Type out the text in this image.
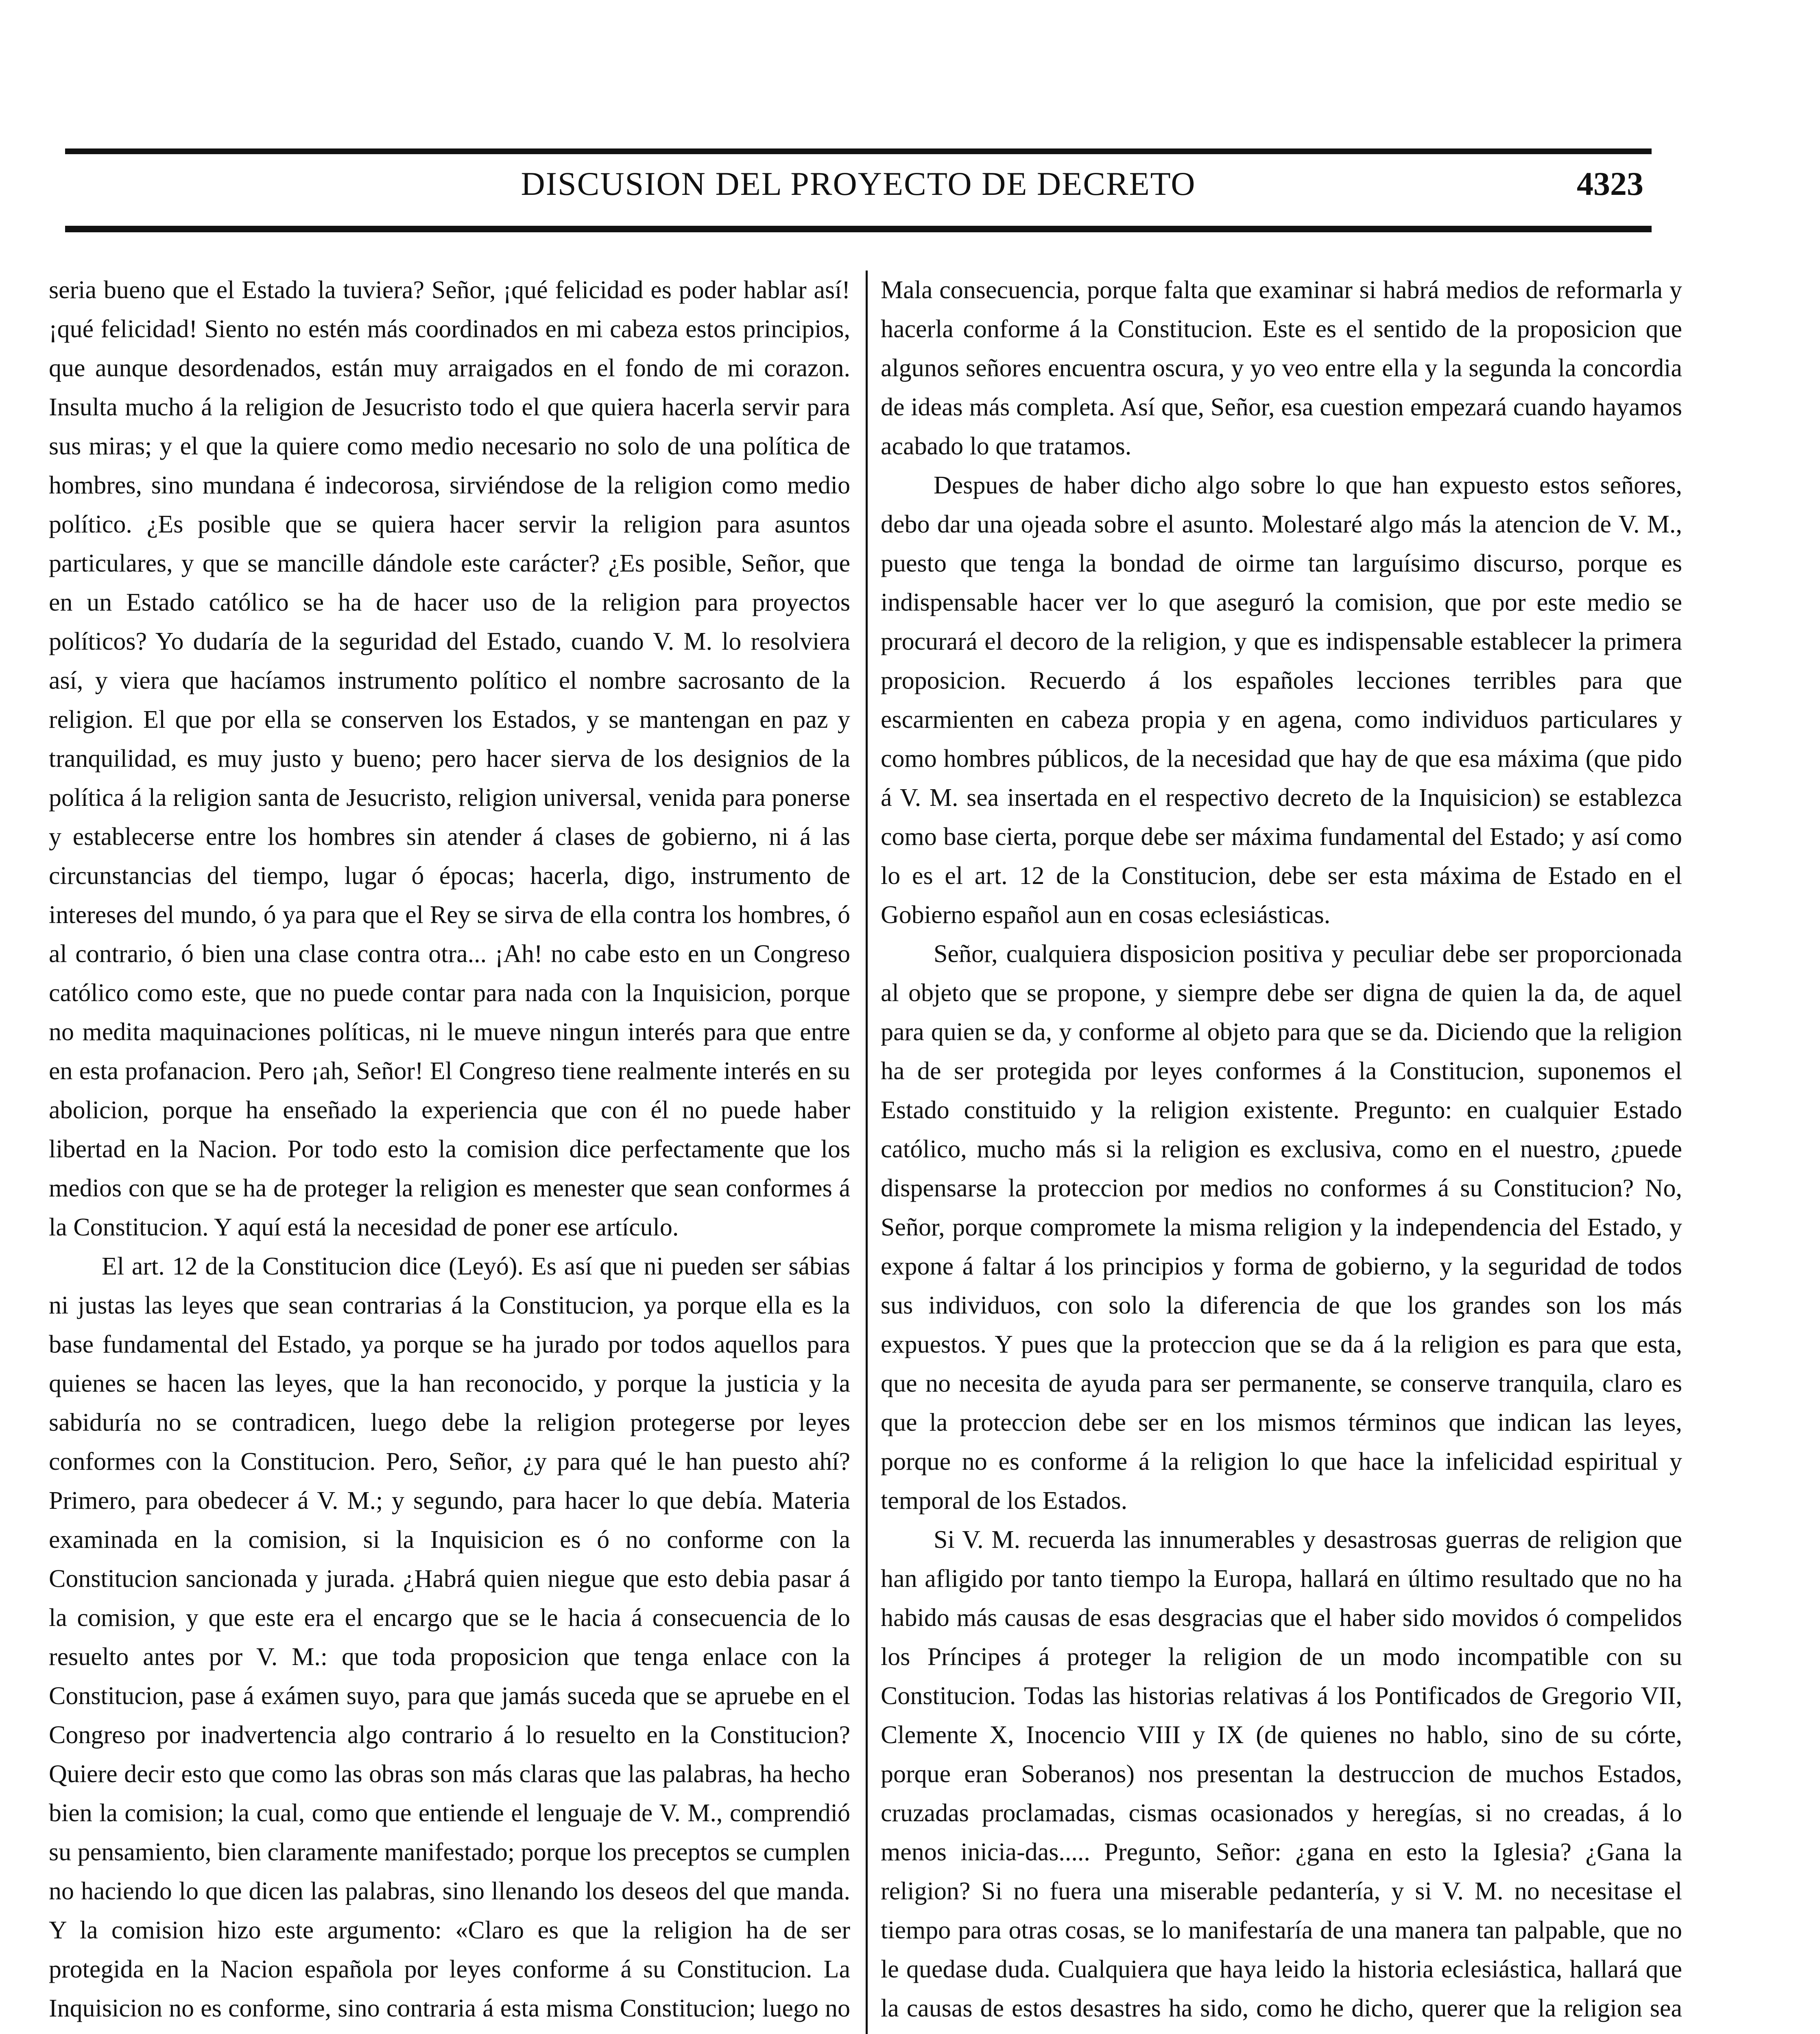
DISCUSION DEL PROYECTO DE DECRETO	4323

seria bueno que el Estado la tuviera? Señor, ¡qué felicidad es poder hablar así! ¡qué felicidad! Siento no estén más coordinados en mi cabeza estos principios, que aunque desordenados, están muy arraigados en el fondo de mi corazon. Insulta mucho á la religion de Jesucristo todo el que quiera hacerla servir para sus miras; y el que la quiere como medio necesario no solo de una política de hombres, sino mundana é indecorosa, sirviéndose de la religion como medio político. ¿Es posible que se quiera hacer servir la religion para asuntos particulares, y que se mancille dándole este carácter? ¿Es posible, Señor, que en un Estado católico se ha de hacer uso de la religion para proyectos políticos? Yo dudaría de la seguridad del Estado, cuando V. M. lo resolviera así, y viera que hacíamos instrumento político el nombre sacrosanto de la religion. El que por ella se conserven los Estados, y se mantengan en paz y tranquilidad, es muy justo y bueno; pero hacer sierva de los designios de la política á la religion santa de Jesucristo, religion universal, venida para ponerse y establecerse entre los hombres sin atender á clases de gobierno, ni á las circunstancias del tiempo, lugar ó épocas; hacerla, digo, instrumento de intereses del mundo, ó ya para que el Rey se sirva de ella contra los hombres, ó al contrario, ó bien una clase contra otra... ¡Ah! no cabe esto en un Congreso católico como este, que no puede contar para nada con la Inquisicion, porque no medita maquinaciones políticas, ni le mueve ningun interés para que entre en esta profanacion. Pero ¡ah, Señor! El Congreso tiene realmente interés en su abolicion, porque ha enseñado la experiencia que con él no puede haber libertad en la Nacion. Por todo esto la comision dice perfectamente que los medios con que se ha de proteger la religion es menester que sean conformes á la Constitucion. Y aquí está la necesidad de poner ese artículo.

El art. 12 de la Constitucion dice (Leyó). Es así que ni pueden ser sábias ni justas las leyes que sean contrarias á la Constitucion, ya porque ella es la base fundamental del Estado, ya porque se ha jurado por todos aquellos para quienes se hacen las leyes, que la han reconocido, y porque la justicia y la sabiduría no se contradicen, luego debe la religion protegerse por leyes conformes con la Constitucion. Pero, Señor, ¿y para qué le han puesto ahí? Primero, para obedecer á V. M.; y segundo, para hacer lo que debía. Materia examinada en la comision, si la Inquisicion es ó no conforme con la Constitucion sancionada y jurada. ¿Habrá quien niegue que esto debia pasar á la comision, y que este era el encargo que se le hacia á consecuencia de lo resuelto antes por V. M.: que toda proposicion que tenga enlace con la Constitucion, pase á exámen suyo, para que jamás suceda que se apruebe en el Congreso por inadvertencia algo contrario á lo resuelto en la Constitucion? Quiere decir esto que como las obras son más claras que las palabras, ha hecho bien la comision; la cual, como que entiende el lenguaje de V. M., comprendió su pensamiento, bien claramente manifestado; porque los preceptos se cumplen no haciendo lo que dicen las palabras, sino llenando los deseos del que manda. Y la comision hizo este argumento: «Claro es que la religion ha de ser protegida en la Nacion española por leyes conforme á su Constitucion. La Inquisicion no es conforme, sino contraria á esta misma Constitucion; luego no

Mala consecuencia, porque falta que examinar si habrá medios de reformarla y hacerla conforme á la Constitucion. Este es el sentido de la proposicion que algunos señores encuentra oscura, y yo veo entre ella y la segunda la concordia de ideas más completa. Así que, Señor, esa cuestion empezará cuando hayamos acabado lo que tratamos.

Despues de haber dicho algo sobre lo que han expuesto estos señores, debo dar una ojeada sobre el asunto. Molestaré algo más la atencion de V. M., puesto que tenga la bondad de oirme tan larguísimo discurso, porque es indispensable hacer ver lo que aseguró la comision, que por este medio se procurará el decoro de la religion, y que es indispensable establecer la primera proposicion. Recuerdo á los españoles lecciones terribles para que escarmienten en cabeza propia y en agena, como individuos particulares y como hombres públicos, de la necesidad que hay de que esa máxima (que pido á V. M. sea insertada en el respectivo decreto de la Inquisicion) se establezca como base cierta, porque debe ser máxima fundamental del Estado; y así como lo es el art. 12 de la Constitucion, debe ser esta máxima de Estado en el Gobierno español aun en cosas eclesiásticas.

Señor, cualquiera disposicion positiva y peculiar debe ser proporcionada al objeto que se propone, y siempre debe ser digna de quien la da, de aquel para quien se da, y conforme al objeto para que se da. Diciendo que la religion ha de ser protegida por leyes conformes á la Constitucion, suponemos el Estado constituido y la religion existente. Pregunto: en cualquier Estado católico, mucho más si la religion es exclusiva, como en el nuestro, ¿puede dispensarse la proteccion por medios no conformes á su Constitucion? No, Señor, porque compromete la misma religion y la independencia del Estado, y expone á faltar á los principios y forma de gobierno, y la seguridad de todos sus individuos, con solo la diferencia de que los grandes son los más expuestos. Y pues que la proteccion que se da á la religion es para que esta, que no necesita de ayuda para ser permanente, se conserve tranquila, claro es que la proteccion debe ser en los mismos términos que indican las leyes, porque no es conforme á la religion lo que hace la infelicidad espiritual y temporal de los Estados.

Si V. M. recuerda las innumerables y desastrosas guerras de religion que han afligido por tanto tiempo la Europa, hallará en último resultado que no ha habido más causas de esas desgracias que el haber sido movidos ó compelidos los Príncipes á proteger la religion de un modo incompatible con su Constitucion. Todas las historias relativas á los Pontificados de Gregorio VII, Clemente X, Inocencio VIII y IX (de quienes no hablo, sino de su córte, porque eran Soberanos) nos presentan la destruccion de muchos Estados, cruzadas proclamadas, cismas ocasionados y heregías, si no creadas, á lo menos inicia-das..... Pregunto, Señor: ¿gana en esto la Iglesia? ¿Gana la religion? Si no fuera una miserable pedantería, y si V. M. no necesitase el tiempo para otras cosas, se lo manifestaría de una manera tan palpable, que no le quedase duda. Cualquiera que haya leido la historia eclesiástica, hallará que la causas de estos desastres ha sido, como he dicho, querer que la religion sea
